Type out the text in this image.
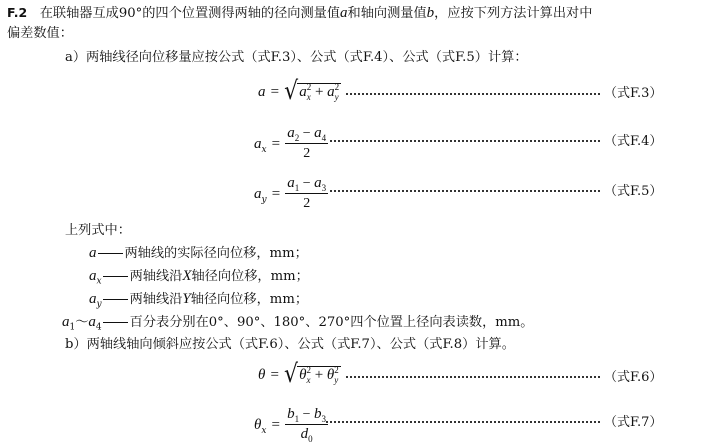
F.2 在联轴器互成90°的四个位置测得两轴的径向测量值a和轴向测量值b，应按下列方法计算出对中
偏差数值：
a）两轴线径向位移量应按公式（式F.3）、公式（式F.4）、公式（式F.5）计算：
$a = √a_x^2 + a_y^2$	（式F.3）
$a_x = \frac{a_2 - a_4}{2}$	（式F.4）
$a_y = \frac{a_1 - a_3}{2}$	（式F.5）
上列式中：
a 两轴线的实际径向位移，mm；
$a_x$ 两轴线沿X轴径向位移，mm；
$a_y$ 两轴线沿Y轴径向位移，mm；
$a_1\sim a_4$ 百分表分别在0°、90°、180°、270°四个位置上径向表读数，mm。
b）两轴线轴向倾斜应按公式（式F.6）、公式（式F.7）、公式（式F.8）计算。
$\theta = √\theta_x^2 + \theta_y^2$	（式F.6）
$\theta_x = \frac{b_1 - b_3}{d_0}$	（式F.7）
